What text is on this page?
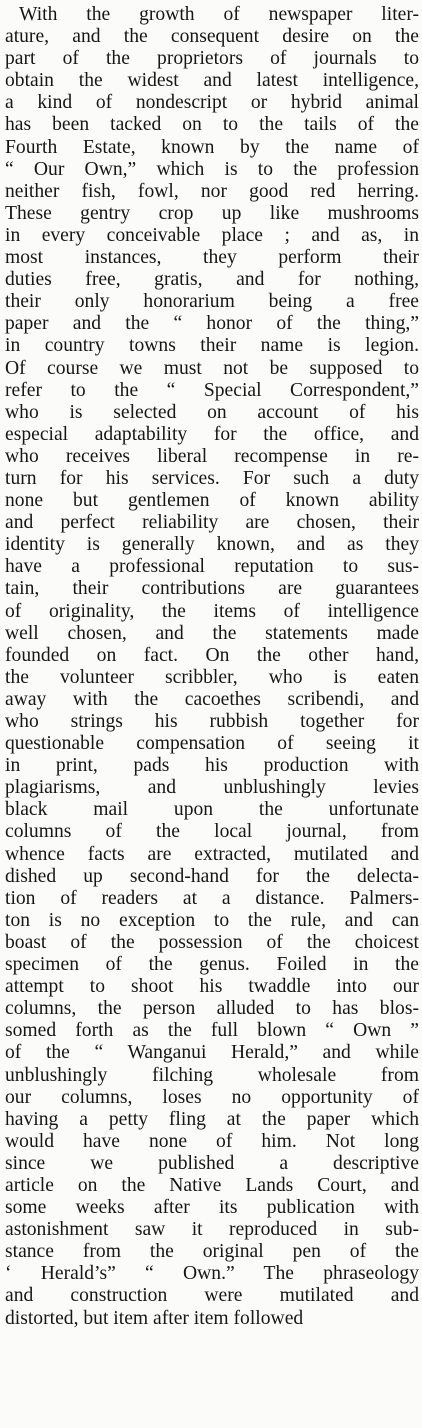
With the growth of newspaper liter-
ature, and the consequent desire on the
part of the proprietors of journals to
obtain the widest and latest intelligence,
a kind of nondescript or hybrid animal
has been tacked on to the tails of the
Fourth Estate, known by the name of
“ Our Own,” which is to the profession
neither fish, fowl, nor good red herring.
These gentry crop up like mushrooms
in every conceivable place ; and as, in
most instances, they perform their
duties free, gratis, and for nothing,
their only honorarium being a free
paper and the “ honor of the thing,”
in country towns their name is legion.
Of course we must not be supposed to
refer to the “ Special Correspondent,”
who is selected on account of his
especial adaptability for the office, and
who receives liberal recompense in re-
turn for his services. For such a duty
none but gentlemen of known ability
and perfect reliability are chosen, their
identity is generally known, and as they
have a professional reputation to sus-
tain, their contributions are guarantees
of originality, the items of intelligence
well chosen, and the statements made
founded on fact. On the other hand,
the volunteer scribbler, who is eaten
away with the cacoethes scribendi, and
who strings his rubbish together for
questionable compensation of seeing it
in print, pads his production with
plagiarisms, and unblushingly levies
black mail upon the unfortunate
columns of the local journal, from
whence facts are extracted, mutilated and
dished up second-hand for the delecta-
tion of readers at a distance. Palmers-
ton is no exception to the rule, and can
boast of the possession of the choicest
specimen of the genus. Foiled in the
attempt to shoot his twaddle into our
columns, the person alluded to has blos-
somed forth as the full blown “ Own ”
of the “ Wanganui Herald,” and while
unblushingly filching wholesale from
our columns, loses no opportunity of
having a petty fling at the paper which
would have none of him. Not long
since we published a descriptive
article on the Native Lands Court, and
some weeks after its publication with
astonishment saw it reproduced in sub-
stance from the original pen of the
‘ Herald’s” “ Own.” The phraseology
and construction were mutilated and
distorted, but item after item followed
